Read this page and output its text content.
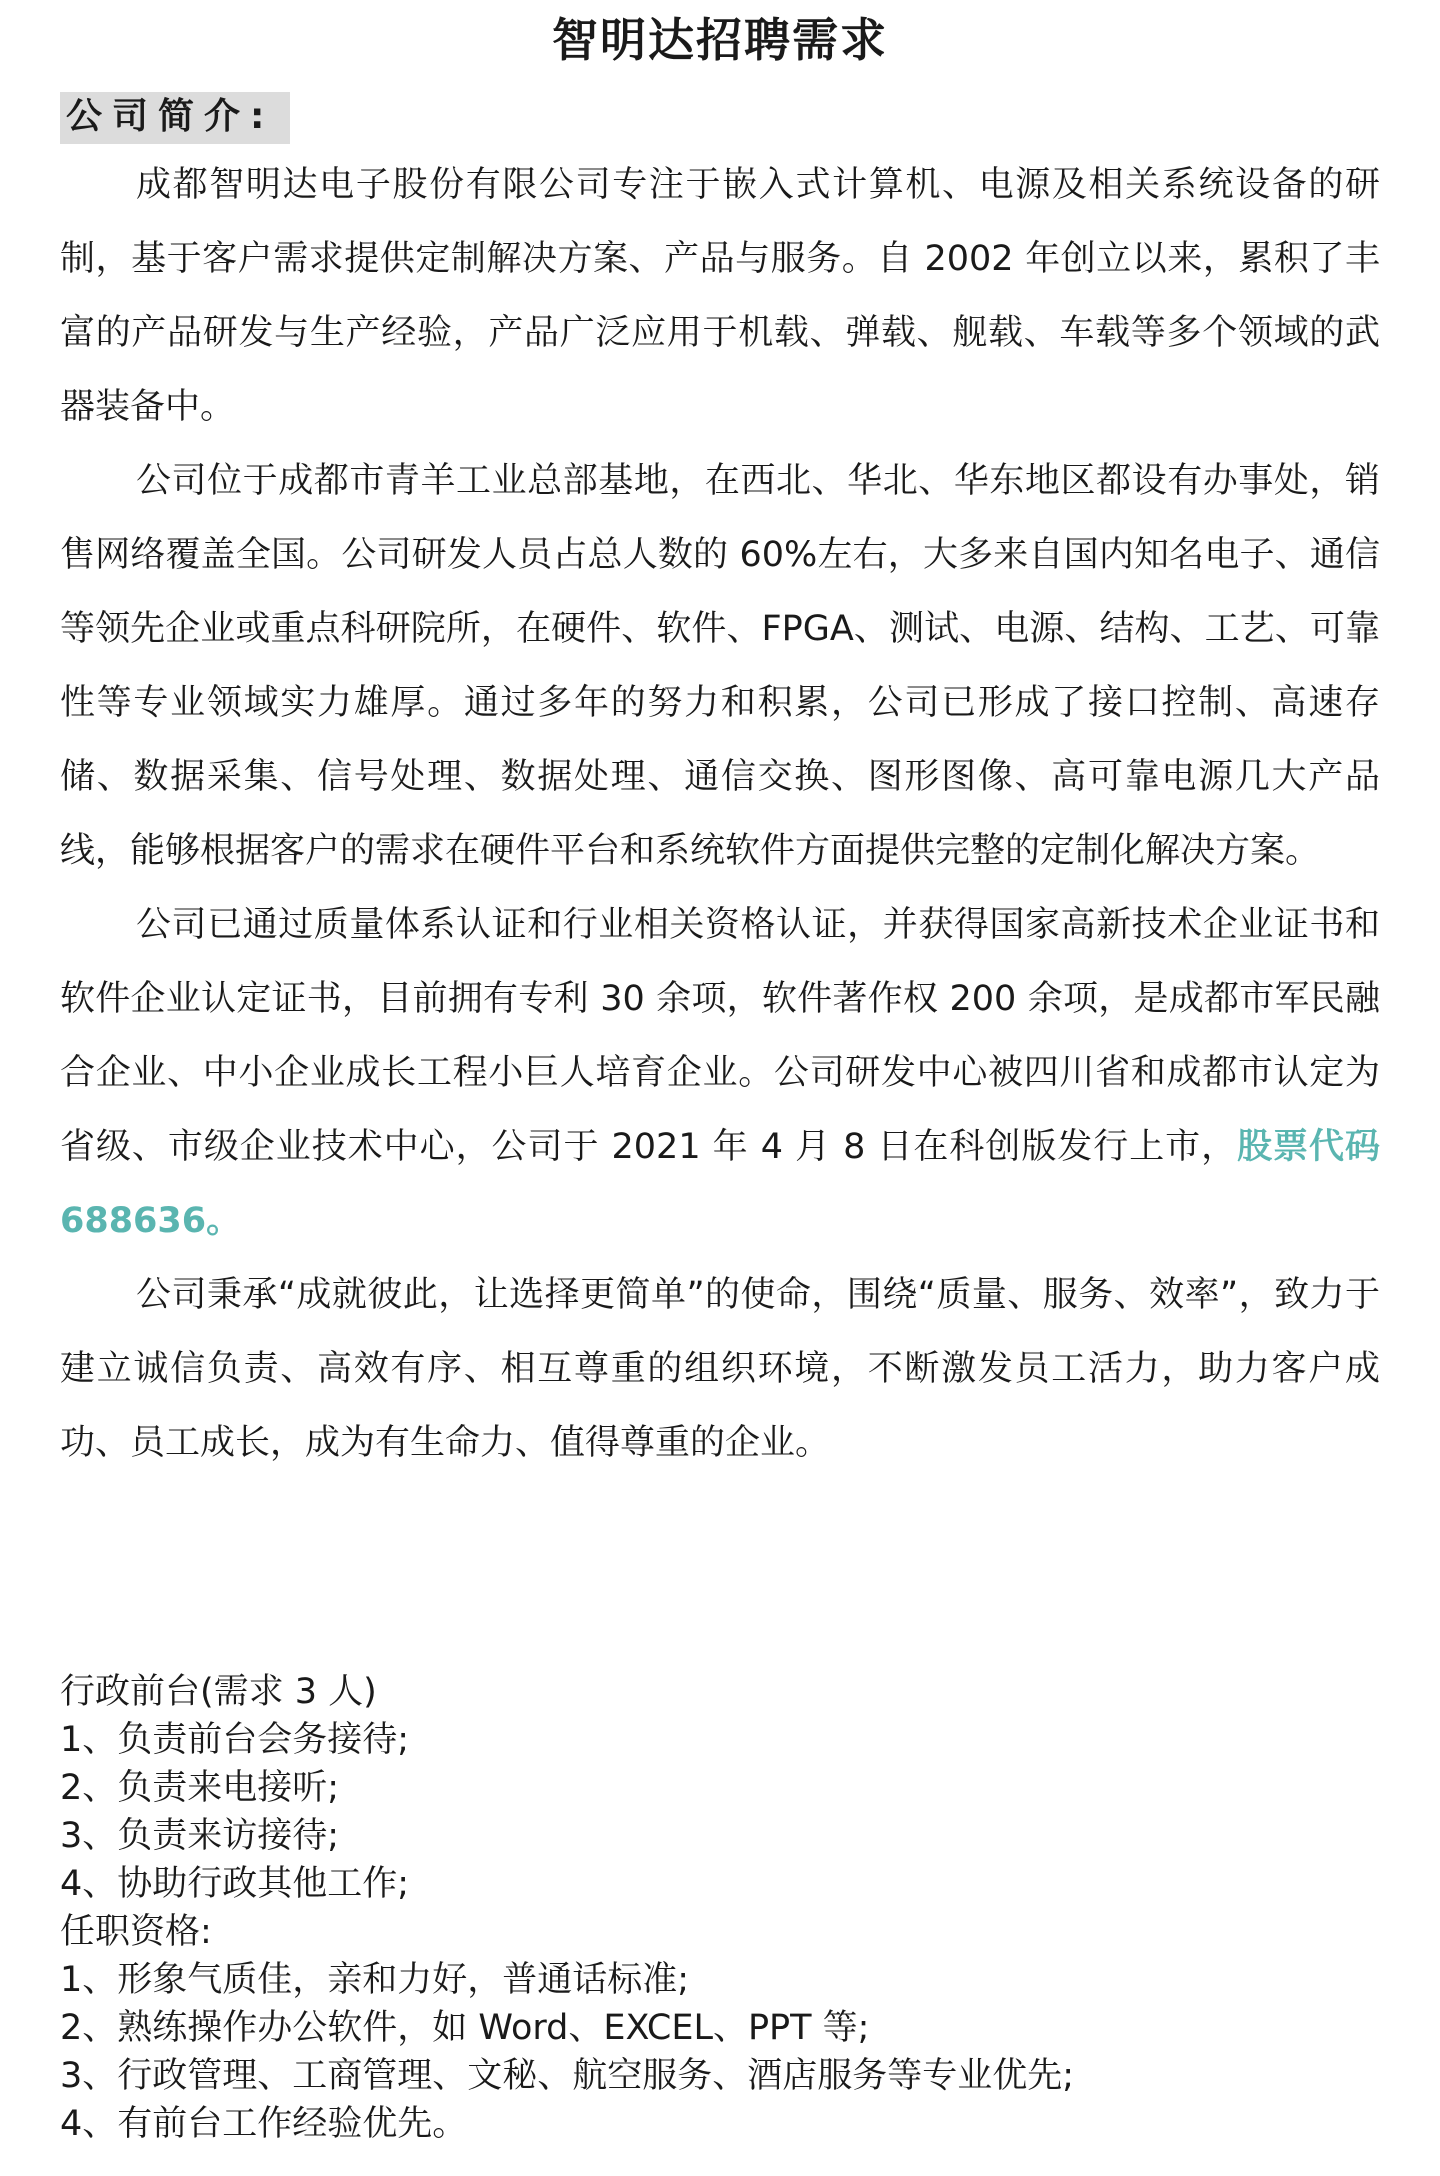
智明达招聘需求
公司简介:

成都智明达电子股份有限公司专注于嵌入式计算机、电源及相关系统设备的研制，基于客户需求提供定制解决方案、产品与服务。自 2002 年创立以来，累积了丰富的产品研发与生产经验，产品广泛应用于机载、弹载、舰载、车载等多个领域的武器装备中。

公司位于成都市青羊工业总部基地，在西北、华北、华东地区都设有办事处，销售网络覆盖全国。公司研发人员占总人数的 60%左右，大多来自国内知名电子、通信等领先企业或重点科研院所，在硬件、软件、FPGA、测试、电源、结构、工艺、可靠性等专业领域实力雄厚。通过多年的努力和积累，公司已形成了接口控制、高速存储、数据采集、信号处理、数据处理、通信交换、图形图像、高可靠电源几大产品线，能够根据客户的需求在硬件平台和系统软件方面提供完整的定制化解决方案。

公司已通过质量体系认证和行业相关资格认证，并获得国家高新技术企业证书和软件企业认定证书，目前拥有专利 30 余项，软件著作权 200 余项，是成都市军民融合企业、中小企业成长工程小巨人培育企业。公司研发中心被四川省和成都市认定为省级、市级企业技术中心，公司于 2021 年 4 月 8 日在科创版发行上市，股票代码 688636。

公司秉承“成就彼此，让选择更简单”的使命，围绕“质量、服务、效率”，致力于建立诚信负责、高效有序、相互尊重的组织环境，不断激发员工活力，助力客户成功、员工成长，成为有生命力、值得尊重的企业。

行政前台(需求 3 人)
1、负责前台会务接待;
2、负责来电接听;
3、负责来访接待;
4、协助行政其他工作;
任职资格:
1、形象气质佳，亲和力好，普通话标准;
2、熟练操作办公软件，如 Word、EXCEL、PPT 等;
3、行政管理、工商管理、文秘、航空服务、酒店服务等专业优先;
4、有前台工作经验优先。
